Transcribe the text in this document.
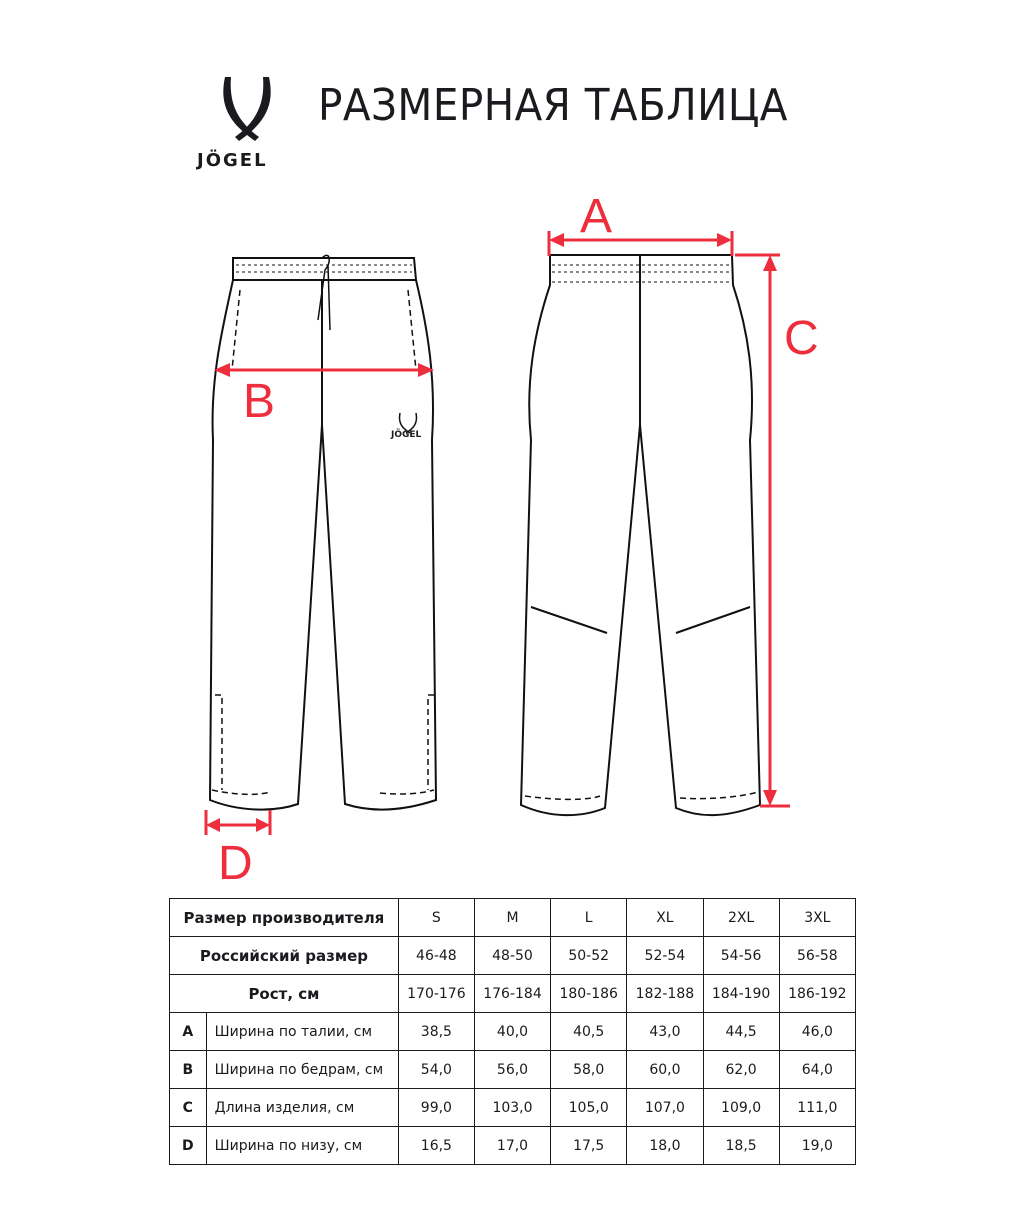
JÖGEL
РАЗМЕРНАЯ ТАБЛИЦА
JÖGEL
A
B
C
D
Размер производителя		S	M	L	XL	2XL	3XL
Российский размер		46-48	48-50	50-52	52-54	54-56	56-58
Рост, см		170-176	176-184	180-186	182-188	184-190	186-192
A	Ширина по талии, см	38,5	40,0	40,5	43,0	44,5	46,0
B	Ширина по бедрам, см	54,0	56,0	58,0	60,0	62,0	64,0
C	Длина изделия, см	99,0	103,0	105,0	107,0	109,0	111,0
D	Ширина по низу, см	16,5	17,0	17,5	18,0	18,5	19,0
